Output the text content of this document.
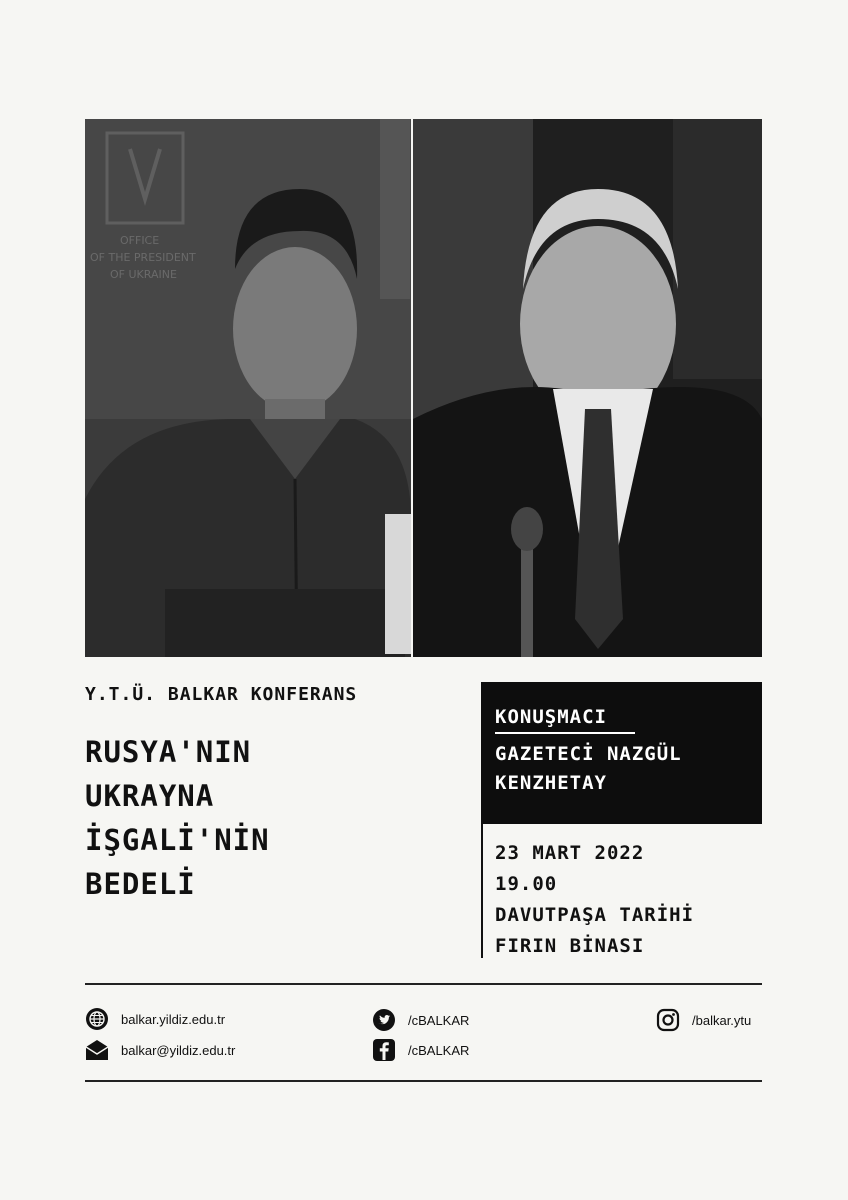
OFFICE
OF THE PRESIDENT
OF UKRAINE
Y.T.Ü. BALKAR KONFERANS
RUSYA'NIN
UKRAYNA
İŞGALİ'NİN
BEDELİ
KONUŞMACI
GAZETECİ NAZGÜL
KENZHETAY
23 MART 2022
19.00
DAVUTPAŞA TARİHİ
FIRIN BİNASI
balkar.yildiz.edu.tr
balkar@yildiz.edu.tr
/cBALKAR
/cBALKAR
/balkar.ytu
